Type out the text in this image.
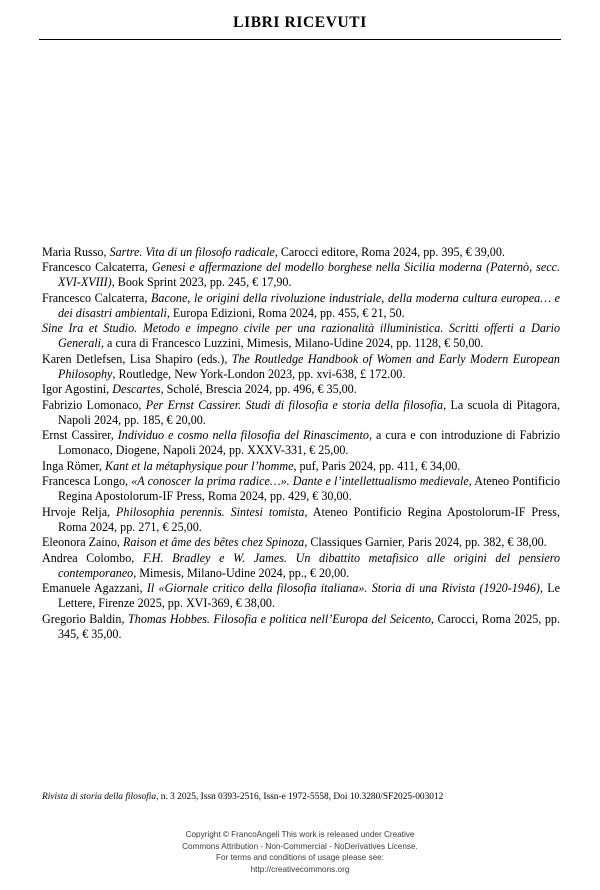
LIBRI RICEVUTI

Maria Russo, Sartre. Vita di un filosofo radicale, Carocci editore, Roma 2024, pp. 395, € 39,00.

Francesco Calcaterra, Genesi e affermazione del modello borghese nella Sicilia moderna (Paternò, secc. XVI-XVIII), Book Sprint 2023, pp. 245, € 17,90.

Francesco Calcaterra, Bacone, le origini della rivoluzione industriale, della moderna cultura europea… e dei disastri ambientali, Europa Edizioni, Roma 2024, pp. 455, € 21, 50.

Sine Ira et Studio. Metodo e impegno civile per una razionalità illuministica. Scritti offerti a Dario Generali, a cura di Francesco Luzzini, Mimesis, Milano-Udine 2024, pp. 1128, € 50,00.

Karen Detlefsen, Lisa Shapiro (eds.), The Routledge Handbook of Women and Early Modern European Philosophy, Routledge, New York-London 2023, pp. xvi-638, £ 172.00.

Igor Agostini, Descartes, Scholé, Brescia 2024, pp. 496, € 35,00.

Fabrizio Lomonaco, Per Ernst Cassirer. Studi di filosofia e storia della filosofia, La scuola di Pitagora, Napoli 2024, pp. 185, € 20,00.

Ernst Cassirer, Individuo e cosmo nella filosofia del Rinascimento, a cura e con introduzione di Fabrizio Lomonaco, Diogene, Napoli 2024, pp. XXXV-331, € 25,00.

Inga Römer, Kant et la métaphysique pour l’homme, puf, Paris 2024, pp. 411, € 34,00.

Francesca Longo, «A conoscer la prima radice…». Dante e l’intellettualismo medievale, Ateneo Pontificio Regina Apostolorum-IF Press, Roma 2024, pp. 429, € 30,00.

Hrvoje Relja, Philosophia perennis. Sintesi tomista, Ateneo Pontificio Regina Apostolorum-IF Press, Roma 2024, pp. 271, € 25,00.

Eleonora Zaino, Raison et âme des bêtes chez Spinoza, Classiques Garnier, Paris 2024, pp. 382, € 38,00.

Andrea Colombo, F.H. Bradley e W. James. Un dibattito metafisico alle origini del pensiero contemporaneo, Mimesis, Milano-Udine 2024, pp., € 20,00.

Emanuele Agazzani, Il «Giornale critico della filosofia italiana». Storia di una Rivista (1920-1946), Le Lettere, Firenze 2025, pp. XVI-369, € 38,00.

Gregorio Baldin, Thomas Hobbes. Filosofia e politica nell’Europa del Seicento, Carocci, Roma 2025, pp. 345, € 35,00.

Rivista di storia della filosofia, n. 3 2025, Issn 0393-2516, Issn-e 1972-5558, Doi 10.3280/SF2025-003012
Copyright © FrancoAngeli This work is released under Creative
Commons Attribution - Non-Commercial - NoDerivatives License.
For terms and conditions of usage please see:
http://creativecommons.org
